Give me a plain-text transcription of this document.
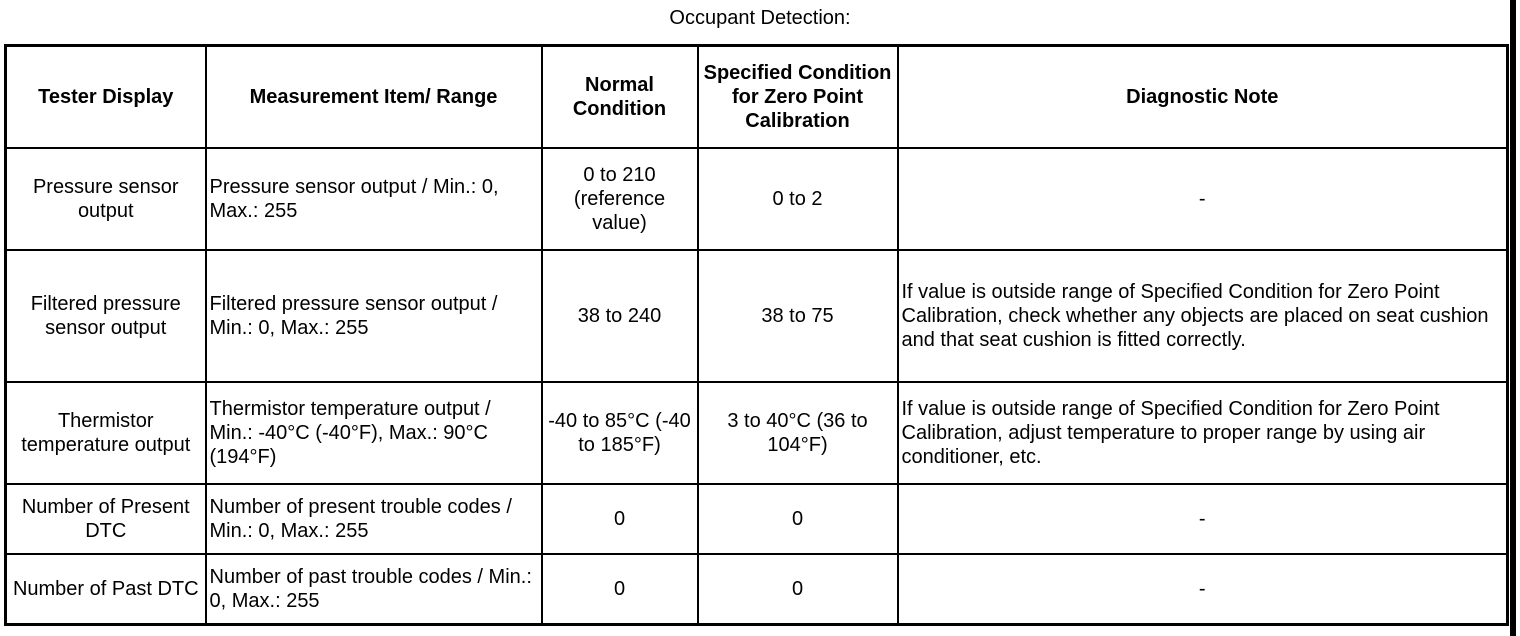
Occupant Detection:
Tester Display	Measurement Item/ Range	Normal Condition	Specified Condition for Zero Point Calibration	Diagnostic Note
Pressure sensor output	Pressure sensor output / Min.: 0, Max.: 255	0 to 210 (reference value)	0 to 2	-
Filtered pressure sensor output	Filtered pressure sensor output / Min.: 0, Max.: 255	38 to 240	38 to 75	If value is outside range of Specified Condition for Zero Point Calibration, check whether any objects are placed on seat cushion and that seat cushion is fitted correctly.
Thermistor temperature output	Thermistor temperature output / Min.: -40°C (-40°F), Max.: 90°C (194°F)	-40 to 85°C (-40 to 185°F)	3 to 40°C (36 to 104°F)	If value is outside range of Specified Condition for Zero Point Calibration, adjust temperature to proper range by using air conditioner, etc.
Number of Present DTC	Number of present trouble codes / Min.: 0, Max.: 255	0	0	-
Number of Past DTC	Number of past trouble codes / Min.: 0, Max.: 255	0	0	-
